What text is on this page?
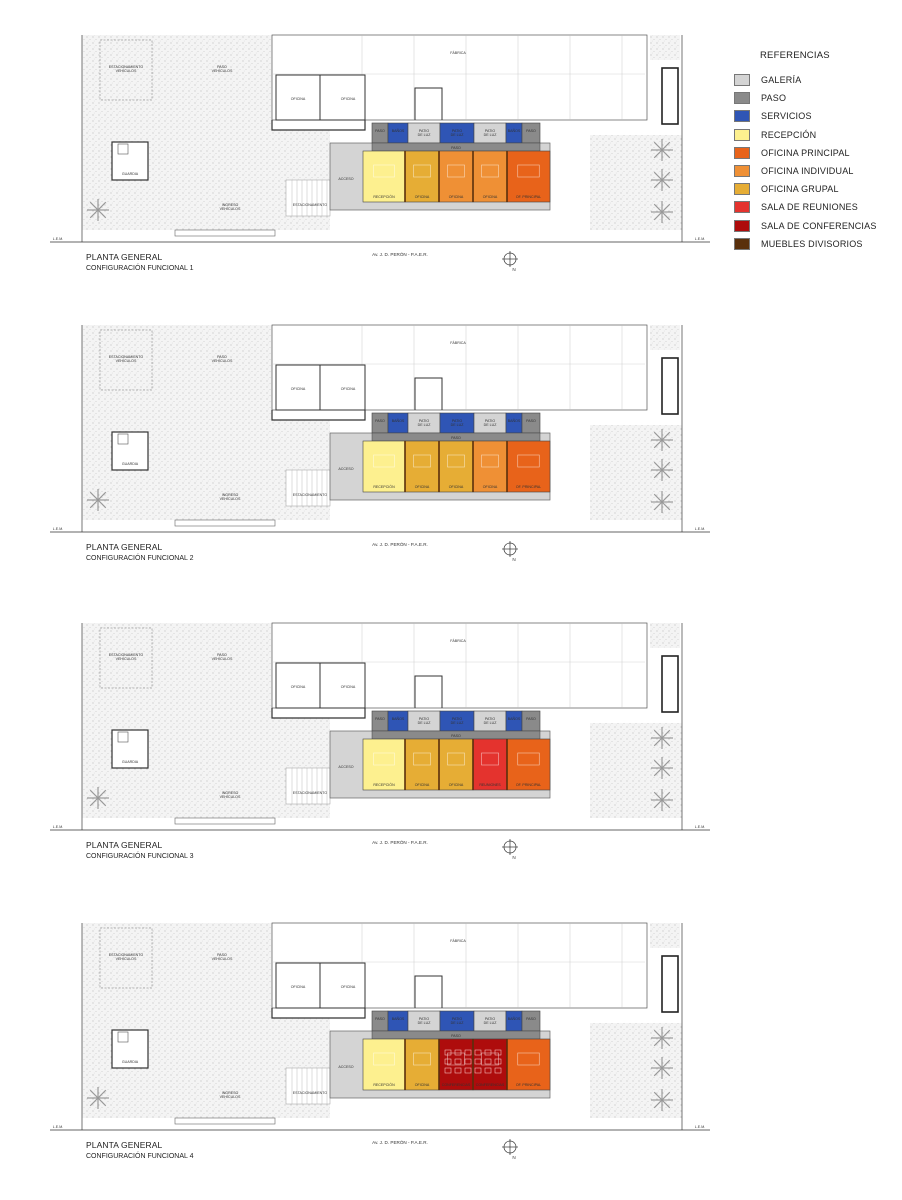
REFERENCIAS
GALERÍA
PASO
SERVICIOS
RECEPCIÓN
OFICINA PRINCIPAL
OFICINA INDIVIDUAL
OFICINA GRUPAL
SALA DE REUNIONES
SALA DE CONFERENCIAS
MUEBLES DIVISORIOS
L.E.M.	L.E.M.
ESTACIONAMIENTO
VEHÍCULOS
PASO
VEHÍCULOS
INGRESO
VEHÍCULOS
GUARDIA
FÁBRICA
OFICINA	OFICINA
ESTACIONAMIENTO
ACCESO
PASO BAÑOS	PATIO
DE LUZ
PATIO
DE LUZ
PATIO
DE LUZ
BAÑOS PASO
PASO
RECEPCIÓN	OFICINA	OFICINA	OFICINA	OF. PRINCIPAL
Av. J. D. PERÓN - P.A.E.R.
N
PLANTA GENERAL
CONFIGURACIÓN FUNCIONAL 1
L.E.M.	L.E.M.
ESTACIONAMIENTO
VEHÍCULOS
PASO
VEHÍCULOS
INGRESO
VEHÍCULOS
GUARDIA
FÁBRICA
OFICINA	OFICINA
ESTACIONAMIENTO
ACCESO
PASO BAÑOS	PATIO
DE LUZ
PATIO
DE LUZ
PATIO
DE LUZ
BAÑOS PASO
PASO
RECEPCIÓN	OFICINA	OFICINA	OFICINA	OF. PRINCIPAL
Av. J. D. PERÓN - P.A.E.R.
N
PLANTA GENERAL
CONFIGURACIÓN FUNCIONAL 2
L.E.M.	L.E.M.
ESTACIONAMIENTO
VEHÍCULOS
PASO
VEHÍCULOS
INGRESO
VEHÍCULOS
GUARDIA
FÁBRICA
OFICINA	OFICINA
ESTACIONAMIENTO
ACCESO
PASO BAÑOS	PATIO
DE LUZ
PATIO
DE LUZ
PATIO
DE LUZ
BAÑOS PASO
PASO
RECEPCIÓN	OFICINA	OFICINA	REUNIONES	OF. PRINCIPAL
Av. J. D. PERÓN - P.A.E.R.
N
PLANTA GENERAL
CONFIGURACIÓN FUNCIONAL 3
L.E.M.	L.E.M.
ESTACIONAMIENTO
VEHÍCULOS
PASO
VEHÍCULOS
INGRESO
VEHÍCULOS
GUARDIA
FÁBRICA
OFICINA	OFICINA
ESTACIONAMIENTO
ACCESO
PASO BAÑOS	PATIO
DE LUZ
PATIO
DE LUZ
PATIO
DE LUZ
BAÑOS PASO
PASO
RECEPCIÓN	OFICINA	CONFERENCIAS CONFERENCIAS	OF. PRINCIPAL
Av. J. D. PERÓN - P.A.E.R.
N
PLANTA GENERAL
CONFIGURACIÓN FUNCIONAL 4
